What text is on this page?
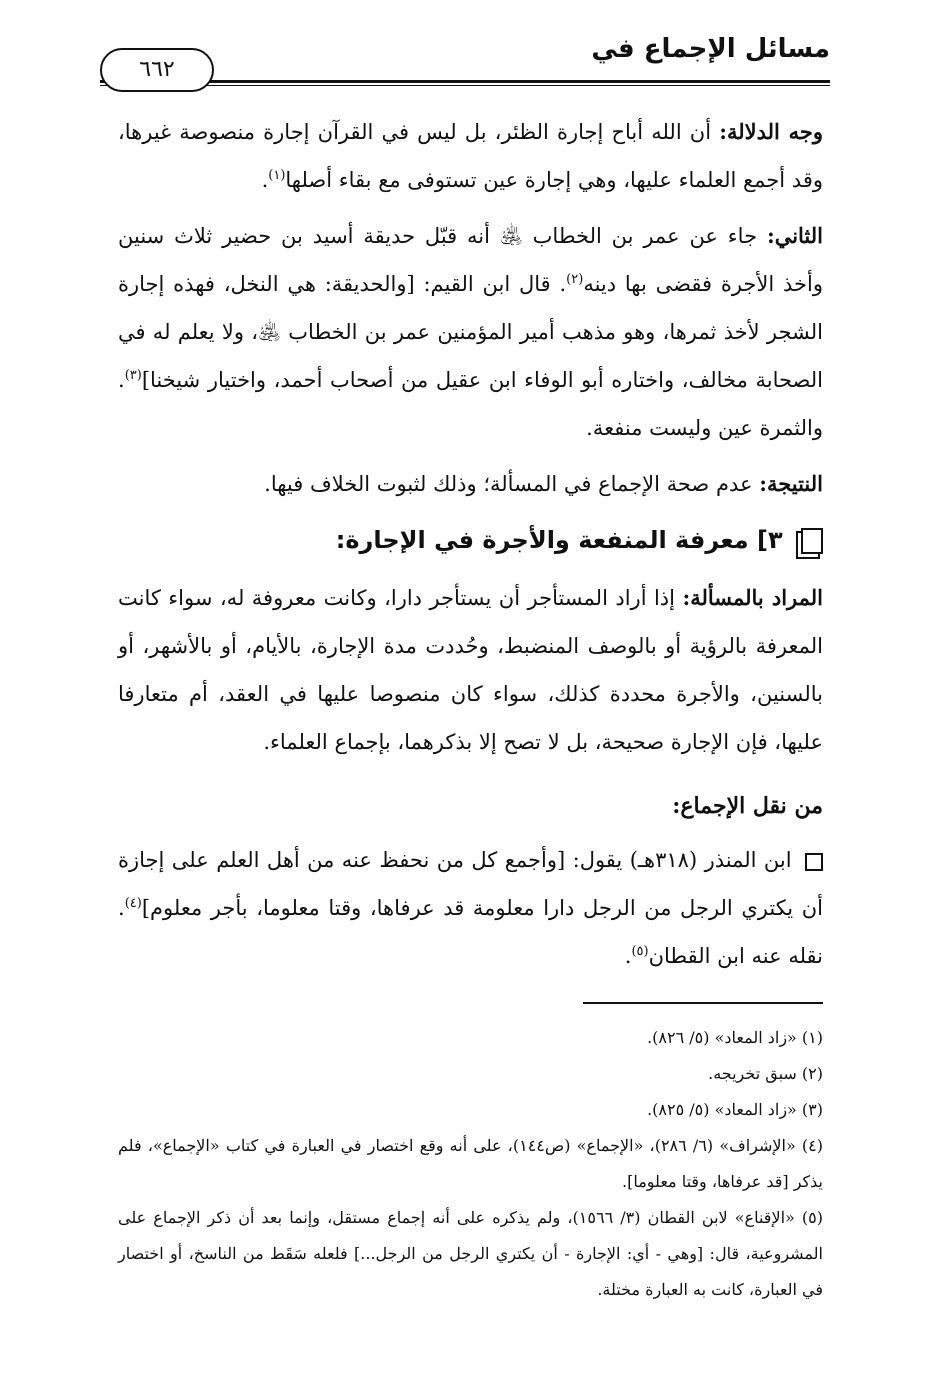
مسائل الإجماع في
٦٦٢

وجه الدلالة: أن الله أباح إجارة الظئر، بل ليس في القرآن إجارة منصوصة غيرها، وقد أجمع العلماء عليها، وهي إجارة عين تستوفى مع بقاء أصلها$^{(١)}$.

الثاني: جاء عن عمر بن الخطاب ﵁ أنه قبّل حديقة أسيد بن حضير ثلاث سنين وأخذ الأجرة فقضى بها دينه$^{(٢)}$. قال ابن القيم: [والحديقة: هي النخل، فهذه إجارة الشجر لأخذ ثمرها، وهو مذهب أمير المؤمنين عمر بن الخطاب ﵁، ولا يعلم له في الصحابة مخالف، واختاره أبو الوفاء ابن عقيل من أصحاب أحمد، واختيار شيخنا]$^{(٣)}$. والثمرة عين وليست منفعة.

النتيجة: عدم صحة الإجماع في المسألة؛ وذلك لثبوت الخلاف فيها.

٣] معرفة المنفعة والأجرة في الإجارة:

المراد بالمسألة: إذا أراد المستأجر أن يستأجر دارا، وكانت معروفة له، سواء كانت المعرفة بالرؤية أو بالوصف المنضبط، وحُددت مدة الإجارة، بالأيام، أو بالأشهر، أو بالسنين، والأجرة محددة كذلك، سواء كان منصوصا عليها في العقد، أم متعارفا عليها، فإن الإجارة صحيحة، بل لا تصح إلا بذكرهما، بإجماع العلماء.

من نقل الإجماع:

ابن المنذر (٣١٨هـ) يقول: [وأجمع كل من نحفظ عنه من أهل العلم على إجازة أن يكتري الرجل من الرجل دارا معلومة قد عرفاها، وقتا معلوما، بأجر معلوم]$^{(٤)}$. نقله عنه ابن القطان$^{(٥)}$.

(١) «زاد المعاد» (٥/ ٨٢٦).

(٢) سبق تخريجه.

(٣) «زاد المعاد» (٥/ ٨٢٥).

(٤) «الإشراف» (٦/ ٢٨٦)، «الإجماع» (ص١٤٤)، على أنه وقع اختصار في العبارة في كتاب «الإجماع»، فلم يذكر [قد عرفاها، وقتا معلوما].

(٥) «الإقناع» لابن القطان (٣/ ١٥٦٦)، ولم يذكره على أنه إجماع مستقل، وإنما بعد أن ذكر الإجماع على المشروعية، قال: [وهي - أي: الإجارة - أن يكتري الرجل من الرجل...] فلعله سَقَط من الناسخ، أو اختصار في العبارة، كانت به العبارة مختلة.
